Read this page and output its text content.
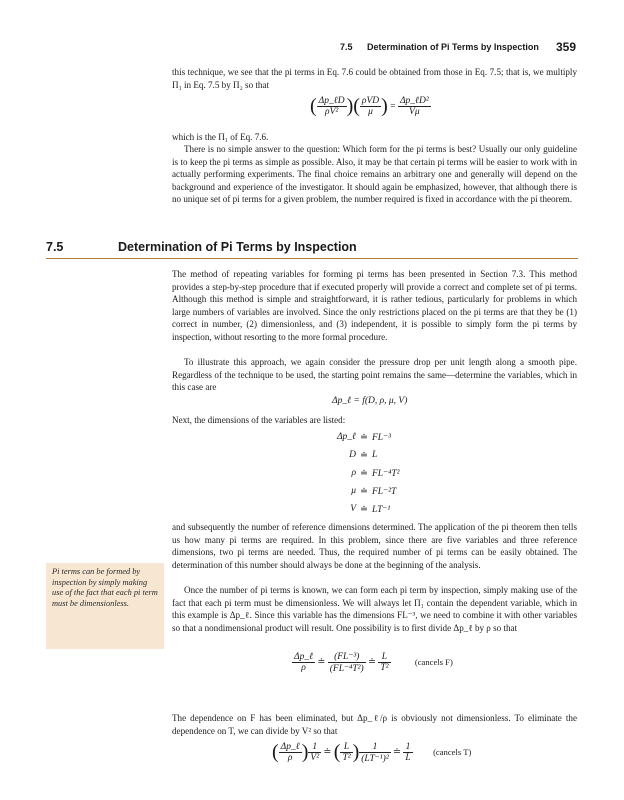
7.5 Determination of Pi Terms by Inspection 359

this technique, we see that the pi terms in Eq. 7.6 could be obtained from those in Eq. 7.5; that is, we multiply Π₁ in Eq. 7.5 by Π₂ so that

( $\frac{\text{Δp\_ℓD}}{\text{ρV²}}$ )( $\frac{\text{ρVD}}{\mu}$ ) = $\frac{\text{Δp\_ℓD²}}{V\mu}$

which is the Π₁ of Eq. 7.6.

There is no simple answer to the question: Which form for the pi terms is best? Usually our only guideline is to keep the pi terms as simple as possible. Also, it may be that certain pi terms will be easier to work with in actually performing experiments. The final choice remains an arbitrary one and generally will depend on the background and experience of the investigator. It should again be emphasized, however, that although there is no unique set of pi terms for a given problem, the number required is fixed in accordance with the pi theorem.

7.5	Determination of Pi Terms by Inspection

The method of repeating variables for forming pi terms has been presented in Section 7.3. This method provides a step-by-step procedure that if executed properly will provide a correct and complete set of pi terms. Although this method is simple and straightforward, it is rather tedious, particularly for problems in which large numbers of variables are involved. Since the only restrictions placed on the pi terms are that they be (1) correct in number, (2) dimensionless, and (3) independent, it is possible to simply form the pi terms by inspection, without resorting to the more formal procedure.

To illustrate this approach, we again consider the pressure drop per unit length along a smooth pipe. Regardless of the technique to be used, the starting point remains the same—determine the variables, which in this case are

Δp_ℓ = f(D, ρ, μ, V)

Next, the dimensions of the variables are listed:

Δp_ℓ ≐ FL⁻³
D ≐ L
ρ ≐ FL⁻⁴T²
μ ≐ FL⁻²T
V ≐ LT⁻¹

and subsequently the number of reference dimensions determined. The application of the pi theorem then tells us how many pi terms are required. In this problem, since there are five variables and three reference dimensions, two pi terms are needed. Thus, the required number of pi terms can be easily obtained. The determination of this number should always be done at the beginning of the analysis.

Once the number of pi terms is known, we can form each pi term by inspection, simply making use of the fact that each pi term must be dimensionless. We will always let Π₁ contain the dependent variable, which in this example is Δp_ℓ. Since this variable has the dimensions FL⁻³, we need to combine it with other variables so that a nondimensional product will result. One possibility is to first divide Δp_ℓ by ρ so that

Pi terms can be formed by inspection by simply making use of the fact that each pi term must be dimensionless.

$\frac{\text{Δp\_ℓ}}{\rho}$ ≐ $\frac{\text{(FL⁻³)}}{\text{(FL⁻⁴T²)}}$ ≐ $\frac{L}{\text{T²}}$	(cancels F)

The dependence on F has been eliminated, but Δp_ℓ/ρ is obviously not dimensionless. To eliminate the dependence on T, we can divide by V² so that

( $\frac{\text{Δp\_ℓ}}{\rho}$ ) $\frac{1}{\text{V²}}$ ≐ ( $\frac{L}{\text{T²}}$ ) $\frac{1}{\text{(LT⁻¹)²}}$ ≐ $\frac{1}{L}$ (cancels T)
